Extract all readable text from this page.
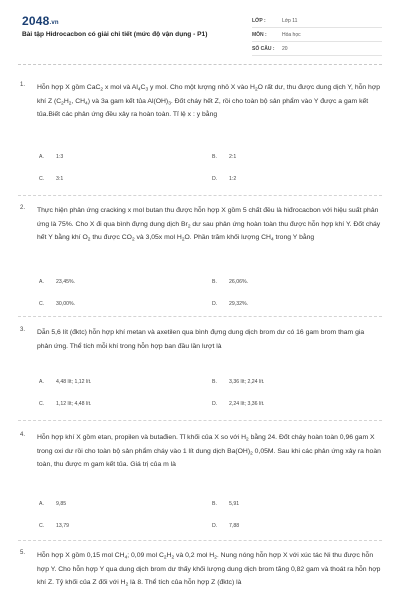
2048.vn
Bài tập Hidrocacbon có giải chi tiết (mức độ vận dụng - P1)
LỚP :	Lớp 11
MÔN :	Hóa học
SỐ CÂU :	20
1. Hỗn hợp X gồm CaC$_2$ x mol và $Al_4C_3$ y mol. Cho một lượng nhỏ X vào $H_2O$ rất dư, thu được dung dịch Y, hỗn hợp khí Z ($C_2H_2$, $CH_4$) và 3a gam kết tủa $Al(OH)_3$. Đốt cháy hết Z, rồi cho toàn bộ sản phẩm vào Y được a gam kết tủa.Biết các phản ứng đều xảy ra hoàn toàn. Tỉ lệ x : y bằng
A. 1:3	B. 2:1
C. 3:1	D. 1:2
2. Thực hiện phản ứng cracking x mol butan thu được hỗn hợp X gồm 5 chất đều là hiđrocacbon với hiệu suất phản ứng là 75%. Cho X đi qua bình đựng dung dịch $Br_2$ dư sau phản ứng hoàn toàn thu được hỗn hợp khí Y. Đốt cháy hết Y bằng khí $O_2$ thu được $CO_2$ và 3,05x mol $H_2O$. Phần trăm khối lượng $CH_4$ trong Y bằng
A. 23,45%.	B. 26,06%.
C. 30,00%.	D. 29,32%.
3. Dẫn 5,6 lít (đktc) hỗn hợp khí metan và axetilen qua bình đựng dung dịch brom dư có 16 gam brom tham gia phản ứng. Thể tích mỗi khí trong hỗn hợp ban đầu lần lượt là
A. 4,48 lít; 1,12 lít.	B. 3,36 lít; 2,24 lít.
C. 1,12 lít; 4,48 lít.	D. 2,24 lít; 3,36 lít.
4. Hỗn hợp khí X gồm etan, propilen và butađien. Tỉ khối của X so với $H_2$ bằng 24. Đốt cháy hoàn toàn 0,96 gam X trong oxi dư rồi cho toàn bộ sản phẩm cháy vào 1 lít dung dịch $Ba(OH)_2$ 0,05M. Sau khi các phản ứng xảy ra hoàn toàn, thu được m gam kết tủa. Giá trị của m là
A. 9,85	B. 5,91
C. 13,79	D. 7,88
5. Hỗn hợp X gồm 0,15 mol $CH_4$; 0,09 mol $C_2H_2$ và 0,2 mol $H_2$. Nung nóng hỗn hợp X với xúc tác Ni thu được hỗn hợp Y. Cho hỗn hợp Y qua dung dịch brom dư thấy khối lượng dung dịch brom tăng 0,82 gam và thoát ra hỗn hợp khí Z. Tỷ khối của Z đối với $H_2$ là 8. Thể tích của hỗn hợp Z (đktc) là
